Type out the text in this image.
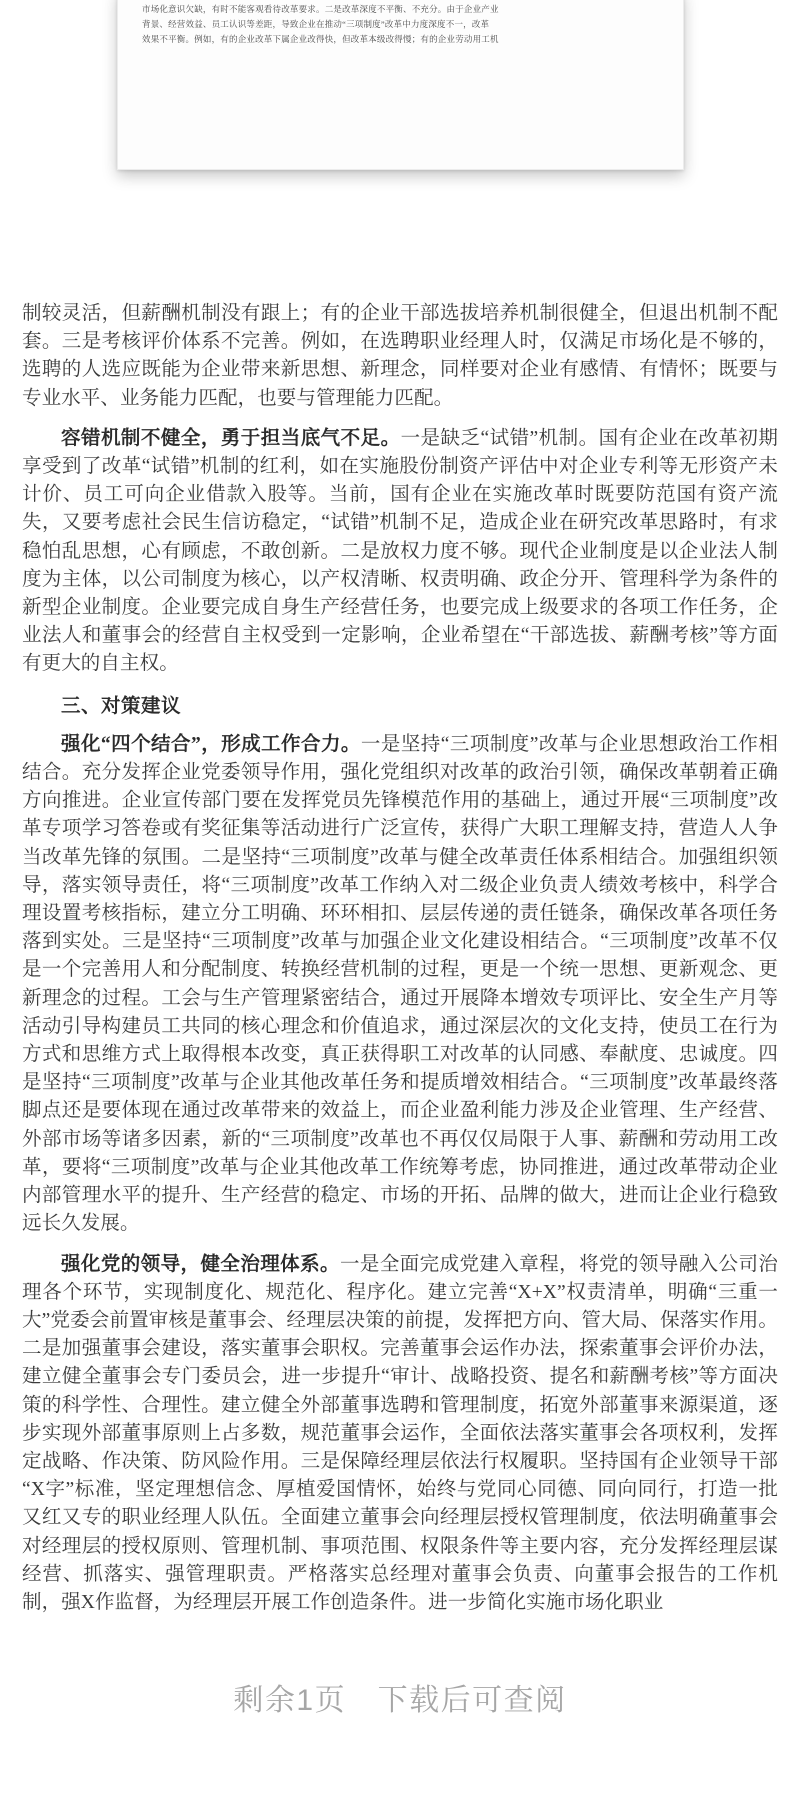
市场化意识欠缺，有时不能客观看待改革要求。二是改革深度不平衡、不充分。由于企业产业
背景、经营效益、员工认识等差距，导致企业在推动“三项制度”改革中力度深度不一，改革
效果不平衡。例如，有的企业改革下属企业改得快，但改革本级改得慢；有的企业劳动用工机

制较灵活，但薪酬机制没有跟上；有的企业干部选拔培养机制很健全，但退出机制不配套。三是考核评价体系不完善。例如，在选聘职业经理人时，仅满足市场化是不够的，选聘的人选应既能为企业带来新思想、新理念，同样要对企业有感情、有情怀；既要与专业水平、业务能力匹配，也要与管理能力匹配。

容错机制不健全，勇于担当底气不足。一是缺乏“试错”机制。国有企业在改革初期享受到了改革“试错”机制的红利，如在实施股份制资产评估中对企业专利等无形资产未计价、员工可向企业借款入股等。当前，国有企业在实施改革时既要防范国有资产流失，又要考虑社会民生信访稳定，“试错”机制不足，造成企业在研究改革思路时，有求稳怕乱思想，心有顾虑，不敢创新。二是放权力度不够。现代企业制度是以企业法人制度为主体，以公司制度为核心，以产权清晰、权责明确、政企分开、管理科学为条件的新型企业制度。企业要完成自身生产经营任务，也要完成上级要求的各项工作任务，企业法人和董事会的经营自主权受到一定影响，企业希望在“干部选拔、薪酬考核”等方面有更大的自主权。

三、对策建议

强化“四个结合”，形成工作合力。一是坚持“三项制度”改革与企业思想政治工作相结合。充分发挥企业党委领导作用，强化党组织对改革的政治引领，确保改革朝着正确方向推进。企业宣传部门要在发挥党员先锋模范作用的基础上，通过开展“三项制度”改革专项学习答卷或有奖征集等活动进行广泛宣传，获得广大职工理解支持，营造人人争当改革先锋的氛围。二是坚持“三项制度”改革与健全改革责任体系相结合。加强组织领导，落实领导责任，将“三项制度”改革工作纳入对二级企业负责人绩效考核中，科学合理设置考核指标，建立分工明确、环环相扣、层层传递的责任链条，确保改革各项任务落到实处。三是坚持“三项制度”改革与加强企业文化建设相结合。“三项制度”改革不仅是一个完善用人和分配制度、转换经营机制的过程，更是一个统一思想、更新观念、更新理念的过程。工会与生产管理紧密结合，通过开展降本增效专项评比、安全生产月等活动引导构建员工共同的核心理念和价值追求，通过深层次的文化支持，使员工在行为方式和思维方式上取得根本改变，真正获得职工对改革的认同感、奉献度、忠诚度。四是坚持“三项制度”改革与企业其他改革任务和提质增效相结合。“三项制度”改革最终落脚点还是要体现在通过改革带来的效益上，而企业盈利能力涉及企业管理、生产经营、外部市场等诸多因素，新的“三项制度”改革也不再仅仅局限于人事、薪酬和劳动用工改革，要将“三项制度”改革与企业其他改革工作统筹考虑，协同推进，通过改革带动企业内部管理水平的提升、生产经营的稳定、市场的开拓、品牌的做大，进而让企业行稳致远长久发展。

强化党的领导，健全治理体系。一是全面完成党建入章程，将党的领导融入公司治理各个环节，实现制度化、规范化、程序化。建立完善“X+X”权责清单，明确“三重一大”党委会前置审核是董事会、经理层决策的前提，发挥把方向、管大局、保落实作用。二是加强董事会建设，落实董事会职权。完善董事会运作办法，探索董事会评价办法，建立健全董事会专门委员会，进一步提升“审计、战略投资、提名和薪酬考核”等方面决策的科学性、合理性。建立健全外部董事选聘和管理制度，拓宽外部董事来源渠道，逐步实现外部董事原则上占多数，规范董事会运作，全面依法落实董事会各项权利，发挥定战略、作决策、防风险作用。三是保障经理层依法行权履职。坚持国有企业领导干部“X字”标准，坚定理想信念、厚植爱国情怀，始终与党同心同德、同向同行，打造一批又红又专的职业经理人队伍。全面建立董事会向经理层授权管理制度，依法明确董事会对经理层的授权原则、管理机制、事项范围、权限条件等主要内容，充分发挥经理层谋经营、抓落实、强管理职责。严格落实总经理对董事会负责、向董事会报告的工作机制，强X作监督，为经理层开展工作创造条件。进一步简化实施市场化职业

剩余1页　下载后可查阅
